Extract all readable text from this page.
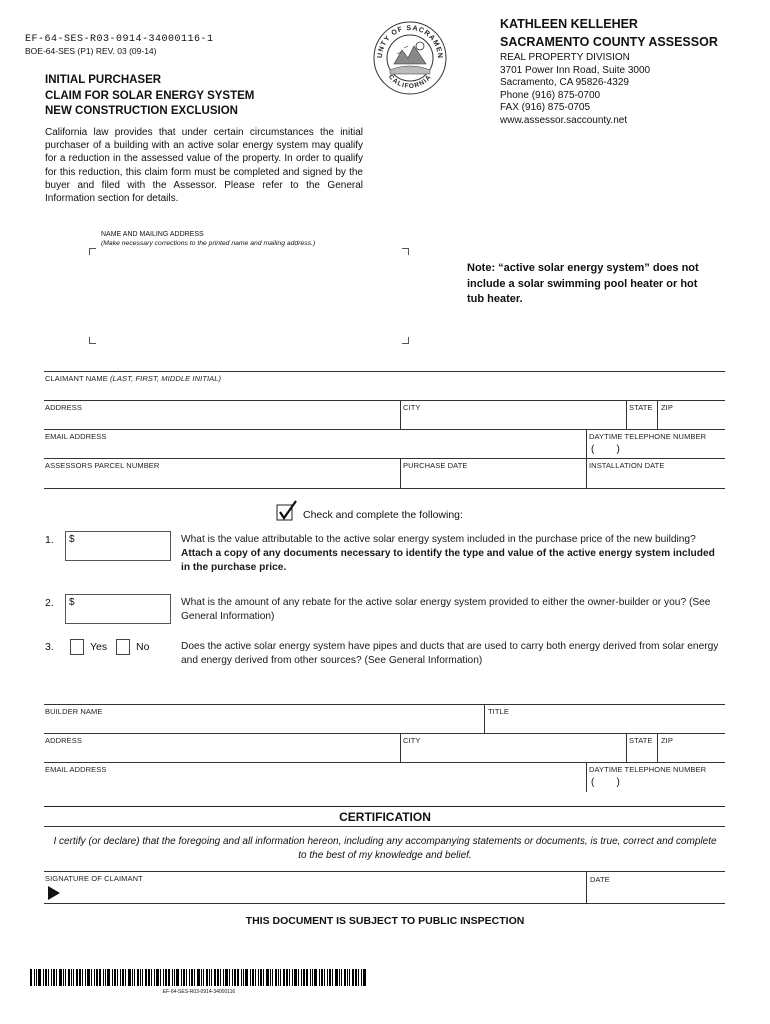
EF-64-SES-R03-0914-34000116-1
BOE-64-SES (P1) REV. 03 (09-14)	UNTY OF SACRAMEN
CALIFORNIA
KATHLEEN KELLEHER
SACRAMENTO COUNTY ASSESSOR
REAL PROPERTY DIVISION
3701 Power Inn Road, Suite 3000
Sacramento, CA 95826-4329
Phone (916) 875-0700
FAX (916) 875-0705
www.assessor.saccounty.net
INITIAL PURCHASER
CLAIM FOR SOLAR ENERGY SYSTEM
NEW CONSTRUCTION EXCLUSION
California law provides that under certain circumstances the initial purchaser of a building with an active solar energy system may qualify for a reduction in the assessed value of the property. In order to qualify for this reduction, this claim form must be completed and signed by the buyer and filed with the Assessor. Please refer to the General Information section for details.
NAME AND MAILING ADDRESS
(Make necessary corrections to the printed name and mailing address.)
Note: “active solar energy system” does not include a solar swimming pool heater or hot tub heater.
CLAIMANT NAME (LAST, FIRST, MIDDLE INITIAL)
ADDRESS	CITY	STATE ZIP
EMAIL ADDRESS	DAYTIME TELEPHONE NUMBER
(        )
ASSESSORS PARCEL NUMBER	PURCHASE DATE	INSTALLATION DATE
Check and complete the following:
1. $	What is the value attributable to the active solar energy system included in the purchase price of the new building?
Attach a copy of any documents necessary to identify the type and value of the active energy system included in the purchase price.
2. $	What is the amount of any rebate for the active solar energy system provided to either the owner-builder or you? (See General Information)
3.	Yes	No	Does the active solar energy system have pipes and ducts that are used to carry both energy derived from solar energy and energy derived from other sources? (See General Information)
BUILDER NAME	TITLE
ADDRESS	CITY	STATE ZIP
EMAIL ADDRESS	DAYTIME TELEPHONE NUMBER
(        )
CERTIFICATION
I certify (or declare) that the foregoing and all information hereon, including any accompanying statements or documents, is true, correct and complete to the best of my knowledge and belief.
SIGNATURE OF CLAIMANT	DATE
THIS DOCUMENT IS SUBJECT TO PUBLIC INSPECTION
EF-64-SES-R03-0914-34000116
